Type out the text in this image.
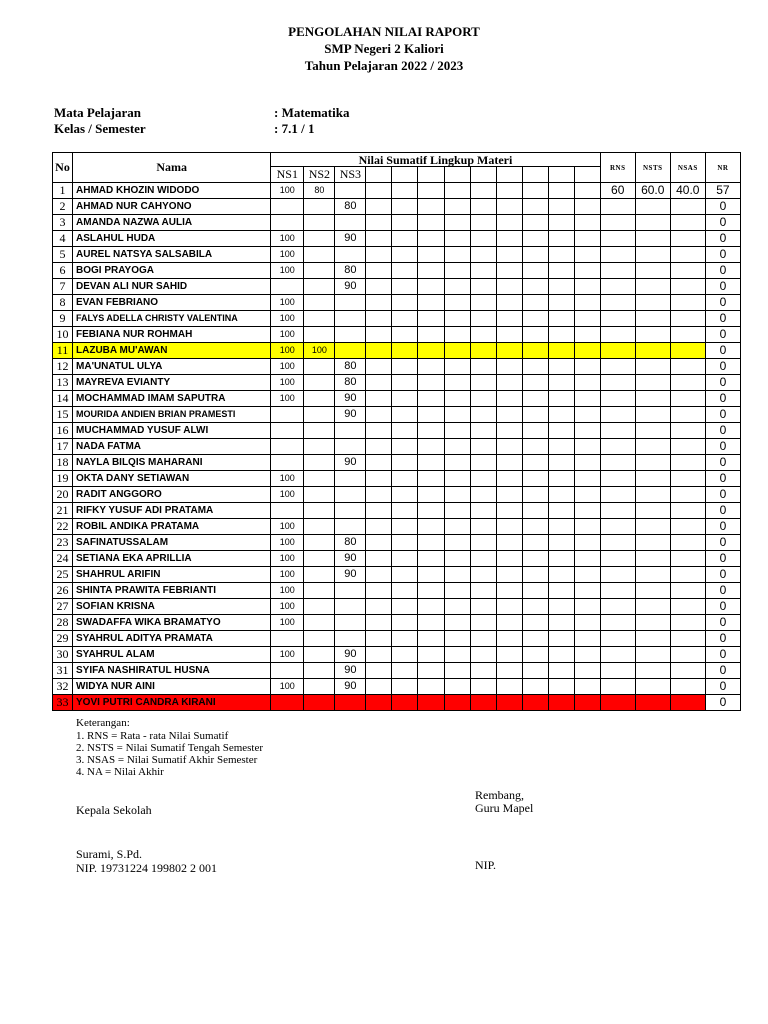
PENGOLAHAN NILAI RAPORT
SMP Negeri 2 Kaliori
Tahun Pelajaran 2022 / 2023
Mata Pelajaran	: Matematika
Kelas / Semester	: 7.1 / 1
No	Nama	Nilai Sumatif Lingkup Materi												RNS	NSTS	NSAS	NR
		NS1	NS2	NS3													
1	AHMAD KHOZIN WIDODO	100	80											60	60.0	40.0	57
2	AHMAD NUR CAHYONO			80													0
3	AMANDA NAZWA AULIA																0
4	ASLAHUL HUDA	100		90													0
5	AUREL NATSYA SALSABILA	100															0
6	BOGI PRAYOGA	100		80													0
7	DEVAN ALI NUR SAHID			90													0
8	EVAN FEBRIANO	100															0
9	FALYS ADELLA CHRISTY VALENTINA	100															0
10	FEBIANA NUR ROHMAH	100															0
11	LAZUBA MU'AWAN	100	100														0
12	MA'UNATUL ULYA	100		80													0
13	MAYREVA EVIANTY	100		80													0
14	MOCHAMMAD IMAM SAPUTRA	100		90													0
15	MOURIDA ANDIEN BRIAN PRAMESTI			90													0
16	MUCHAMMAD YUSUF ALWI																0
17	NADA FATMA																0
18	NAYLA BILQIS MAHARANI			90													0
19	OKTA DANY SETIAWAN	100															0
20	RADIT ANGGORO	100															0
21	RIFKY YUSUF ADI PRATAMA																0
22	ROBIL ANDIKA PRATAMA	100															0
23	SAFINATUSSALAM	100		80													0
24	SETIANA EKA APRILLIA	100		90													0
25	SHAHRUL ARIFIN	100		90													0
26	SHINTA PRAWITA FEBRIANTI	100															0
27	SOFIAN KRISNA	100															0
28	SWADAFFA WIKA BRAMATYO	100															0
29	SYAHRUL ADITYA PRAMATA																0
30	SYAHRUL ALAM	100		90													0
31	SYIFA NASHIRATUL HUSNA			90													0
32	WIDYA NUR AINI	100		90													0
33	YOVI PUTRI CANDRA KIRANI																0
Keterangan:
1. RNS = Rata - rata Nilai Sumatif
2. NSTS = Nilai Sumatif Tengah Semester
3. NSAS = Nilai Sumatif Akhir Semester
4. NA = Nilai Akhir
Rembang,
Guru Mapel
Kepala Sekolah
Surami, S.Pd.
NIP. 19731224 199802 2 001	NIP.
